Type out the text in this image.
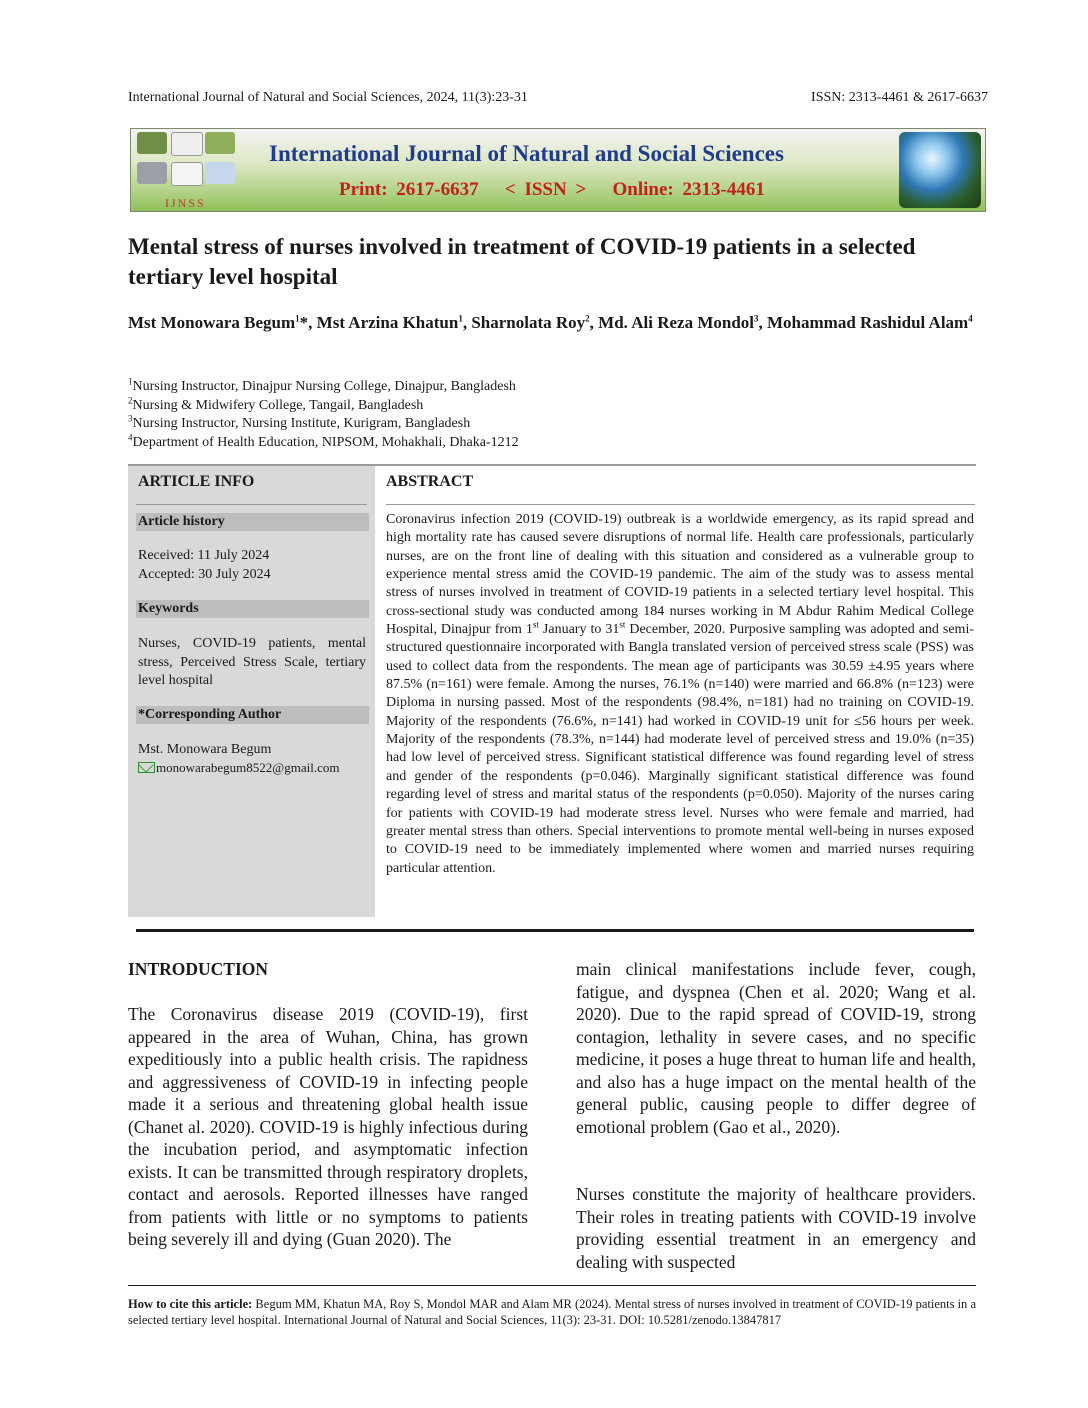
International Journal of Natural and Social Sciences, 2024, 11(3):23-31	ISSN: 2313-4461 & 2617-6637
IJNSS
International Journal of Natural and Social Sciences
Print: 2617-6637   < ISSN >   Online: 2313-4461
Mental stress of nurses involved in treatment of COVID-19 patients in a selected tertiary level hospital
Mst Monowara Begum$^1$*, Mst Arzina Khatun$^1$, Sharnolata Roy$^2$, Md. Ali Reza Mondol$^3$, Mohammad Rashidul Alam$^4$
$^1$Nursing Instructor, Dinajpur Nursing College, Dinajpur, Bangladesh
$^2$Nursing & Midwifery College, Tangail, Bangladesh
$^3$Nursing Instructor, Nursing Institute, Kurigram, Bangladesh
$^4$Department of Health Education, NIPSOM, Mohakhali, Dhaka-1212
ARTICLE INFO
Article history
Received: 11 July 2024
Accepted: 30 July 2024
Keywords
Nurses, COVID-19 patients, mental stress, Perceived Stress Scale, tertiary level hospital
*Corresponding Author
Mst. Monowara Begum
monowarabegum8522@gmail.com
ABSTRACT
Coronavirus infection 2019 (COVID-19) outbreak is a worldwide emergency, as its rapid spread and high mortality rate has caused severe disruptions of normal life. Health care professionals, particularly nurses, are on the front line of dealing with this situation and considered as a vulnerable group to experience mental stress amid the COVID-19 pandemic. The aim of the study was to assess mental stress of nurses involved in treatment of COVID-19 patients in a selected tertiary level hospital. This cross-sectional study was conducted among 184 nurses working in M Abdur Rahim Medical College Hospital, Dinajpur from 1st January to 31st December, 2020. Purposive sampling was adopted and semi-structured questionnaire incorporated with Bangla translated version of perceived stress scale (PSS) was used to collect data from the respondents. The mean age of participants was 30.59 ±4.95 years where 87.5% (n=161) were female. Among the nurses, 76.1% (n=140) were married and 66.8% (n=123) were Diploma in nursing passed. Most of the respondents (98.4%, n=181) had no training on COVID-19. Majority of the respondents (76.6%, n=141) had worked in COVID-19 unit for ≤56 hours per week. Majority of the respondents (78.3%, n=144) had moderate level of perceived stress and 19.0% (n=35) had low level of perceived stress. Significant statistical difference was found regarding level of stress and gender of the respondents (p=0.046). Marginally significant statistical difference was found regarding level of stress and marital status of the respondents (p=0.050). Majority of the nurses caring for patients with COVID-19 had moderate stress level. Nurses who were female and married, had greater mental stress than others. Special interventions to promote mental well-being in nurses exposed to COVID-19 need to be immediately implemented where women and married nurses requiring particular attention.
INTRODUCTION
The Coronavirus disease 2019 (COVID-19), first appeared in the area of Wuhan, China, has grown expeditiously into a public health crisis. The rapidness and aggressiveness of COVID-19 in infecting people made it a serious and threatening global health issue (Chanet al. 2020). COVID-19 is highly infectious during the incubation period, and asymptomatic infection exists. It can be transmitted through respiratory droplets, contact and aerosols. Reported illnesses have ranged from patients with little or no symptoms to patients being severely ill and dying (Guan 2020). The
main clinical manifestations include fever, cough, fatigue, and dyspnea (Chen et al. 2020; Wang et al. 2020). Due to the rapid spread of COVID-19, strong contagion, lethality in severe cases, and no specific medicine, it poses a huge threat to human life and health, and also has a huge impact on the mental health of the general public, causing people to differ degree of emotional problem (Gao et al., 2020).
Nurses constitute the majority of healthcare providers. Their roles in treating patients with COVID-19 involve providing essential treatment in an emergency and dealing with suspected
How to cite this article: Begum MM, Khatun MA, Roy S, Mondol MAR and Alam MR (2024). Mental stress of nurses involved in treatment of COVID-19 patients in a selected tertiary level hospital. International Journal of Natural and Social Sciences, 11(3): 23-31. DOI: 10.5281/zenodo.13847817
